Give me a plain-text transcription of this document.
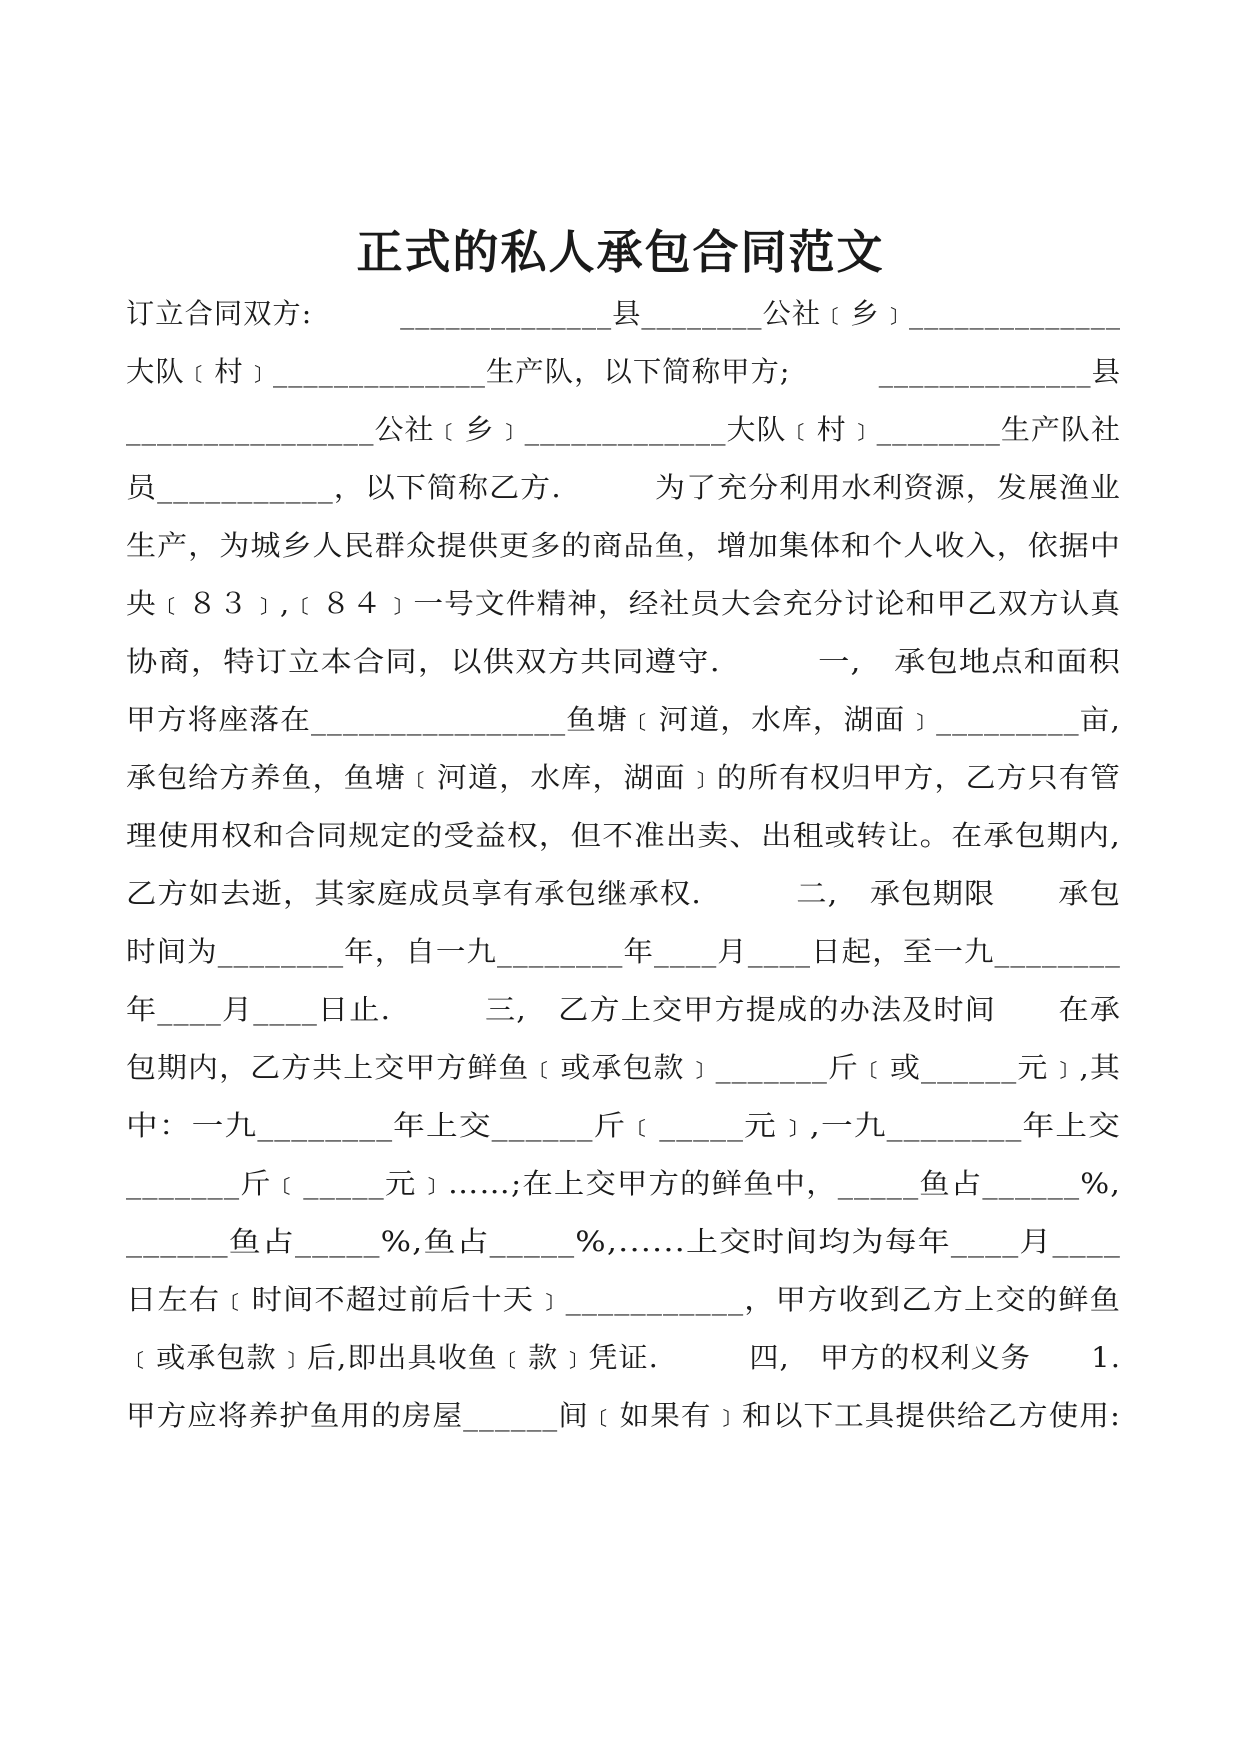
正式的私人承包合同范文
订立合同双方:　　　______________县________公社﹝乡﹞______________
大队﹝村﹞______________生产队，以下简称甲方;　　　______________县
________________公社﹝乡﹞_____________大队﹝村﹞________生产队社
员___________，以下简称乙方.　　　为了充分利用水利资源，发展渔业
生产，为城乡人民群众提供更多的商品鱼，增加集体和个人收入，依据中
央﹝８３﹞,﹝８４﹞一号文件精神，经社员大会充分讨论和甲乙双方认真
协商，特订立本合同，以供双方共同遵守.　　　一,　承包地点和面积
甲方将座落在________________鱼塘﹝河道，水库，湖面﹞_________亩,
承包给方养鱼，鱼塘﹝河道，水库，湖面﹞的所有权归甲方，乙方只有管
理使用权和合同规定的受益权，但不准出卖、出租或转让。在承包期内,
乙方如去逝，其家庭成员享有承包继承权.　　　二,　承包期限　　承包
时间为________年，自一九________年____月____日起，至一九________
年____月____日止.　　　三,　乙方上交甲方提成的办法及时间　　在承
包期内，乙方共上交甲方鲜鱼﹝或承包款﹞_______斤﹝或______元﹞,其
中：一九________年上交______斤﹝_____元﹞,一九________年上交
_______斤﹝_____元﹞……;在上交甲方的鲜鱼中，_____鱼占______%,
______鱼占_____%,鱼占_____%,......上交时间均为每年____月____
日左右﹝时间不超过前后十天﹞___________，甲方收到乙方上交的鲜鱼
﹝或承包款﹞后,即出具收鱼﹝款﹞凭证.　　　四,　甲方的权利义务　　1.
甲方应将养护鱼用的房屋______间﹝如果有﹞和以下工具提供给乙方使用:
